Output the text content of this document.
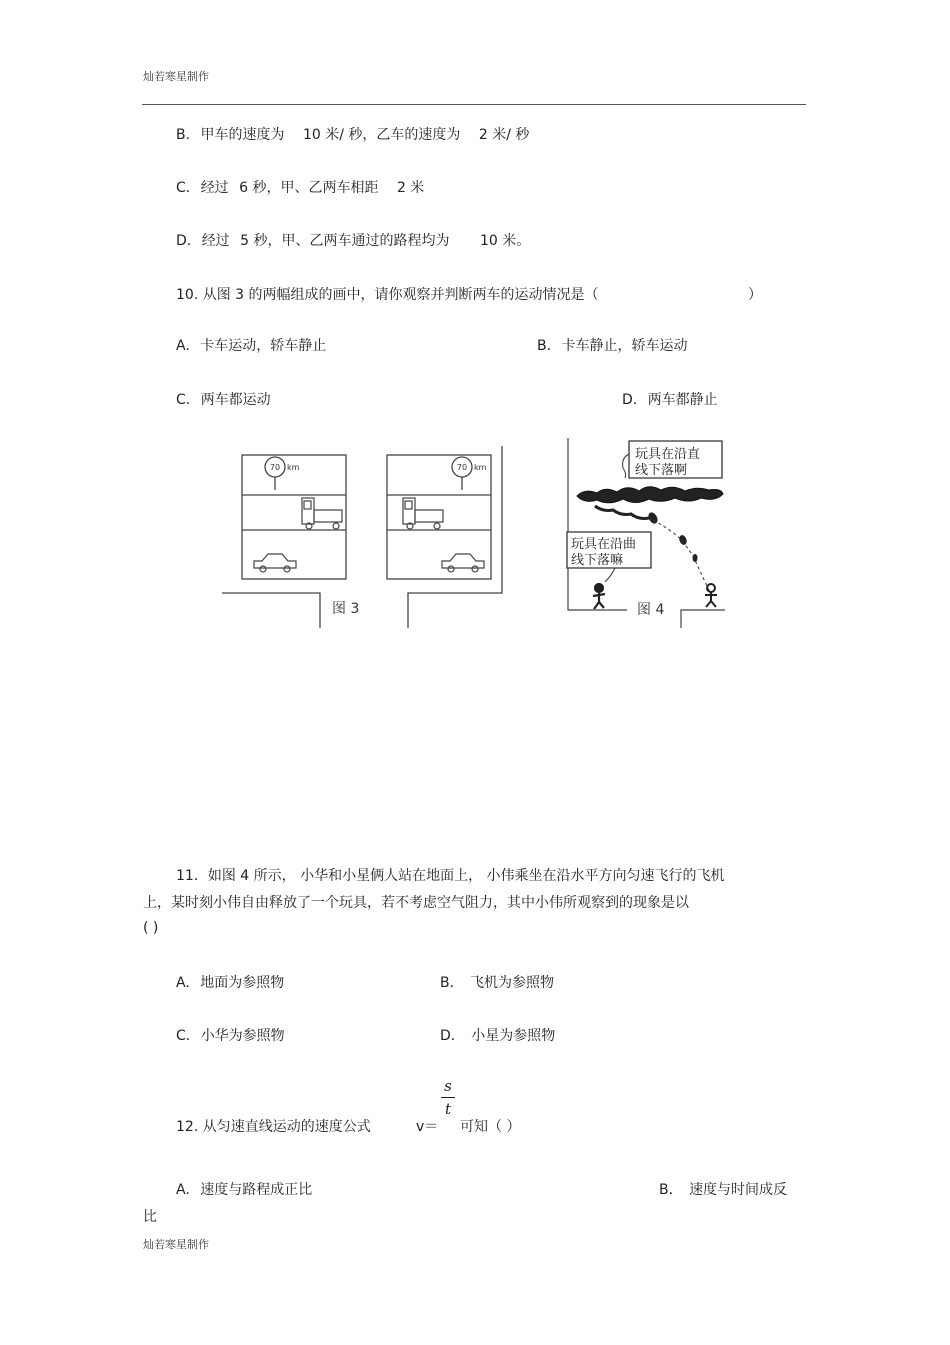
灿若寒星制作
B. 甲车的速度为 10 米/ 秒，乙车的速度为 2 米/ 秒
C. 经过 6 秒，甲、乙两车相距 2 米
D. 经过 5 秒，甲、乙两车通过的路程均为 10 米。
10. 从图 3 的两幅组成的画中，请你观察并判断两车的运动情况是（	）
A. 卡车运动，轿车静止	B. 卡车静止，轿车运动
C. 两车都运动	D. 两车都静止
70 km	70 km
图 3
玩具在沿直
线下落啊
玩具在沿曲
线下落嘛
图 4
11．如图 4 所示， 小华和小星俩人站在地面上， 小伟乘坐在沿水平方向匀速飞行的飞机
上，某时刻小伟自由释放了一个玩具，若不考虑空气阻力，其中小伟所观察到的现象是以
( )
A. 地面为参照物	B． 飞机为参照物
C. 小华为参照物	D． 小星为参照物
12. 从匀速直线运动的速度公式	v＝
s
t
可知（ ）
A. 速度与路程成正比	B． 速度与时间成反
比
灿若寒星制作
